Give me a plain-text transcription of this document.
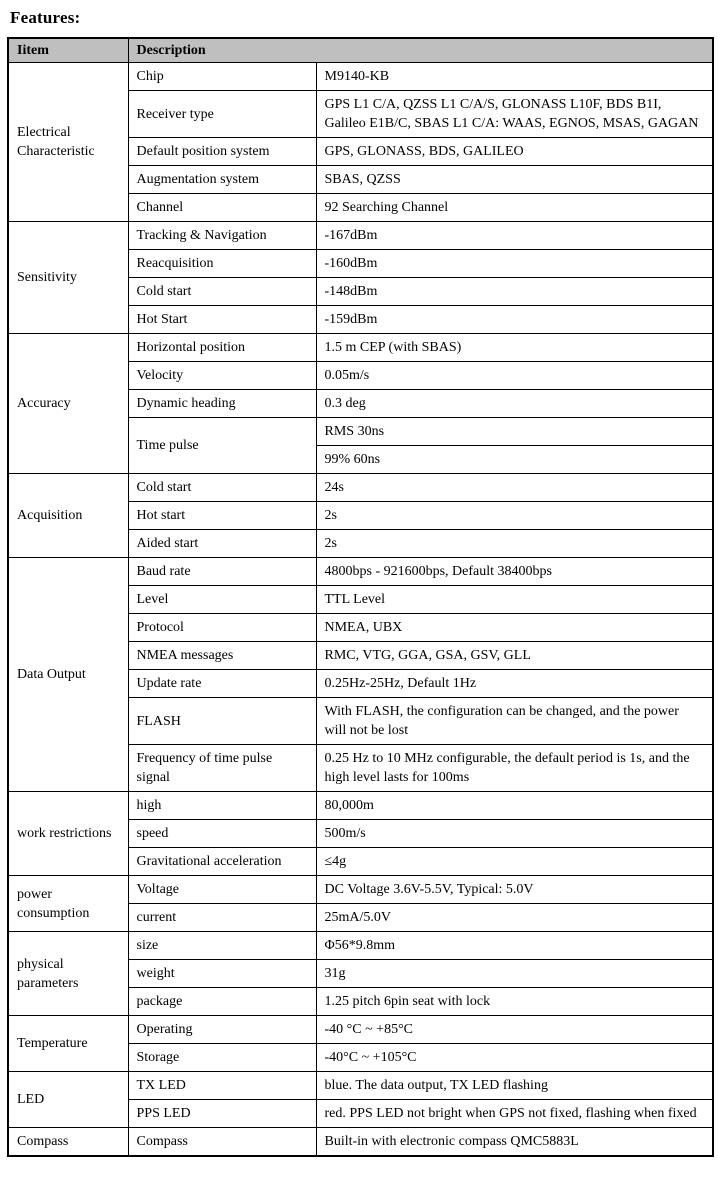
Features:
Iitem	Description	
Electrical Characteristic	Chip	M9140-KB
	Receiver type	GPS L1 C/A, QZSS L1 C/A/S, GLONASS L10F, BDS B1I, Galileo E1B/C, SBAS L1 C/A: WAAS, EGNOS, MSAS, GAGAN
	Default position system	GPS, GLONASS, BDS, GALILEO
	Augmentation system	SBAS, QZSS
	Channel	92 Searching Channel
Sensitivity	Tracking & Navigation	-167dBm
	Reacquisition	-160dBm
	Cold start	-148dBm
	Hot Start	-159dBm
Accuracy	Horizontal position	1.5 m CEP (with SBAS)
	Velocity	0.05m/s
	Dynamic heading	0.3 deg
	Time pulse	RMS 30ns
		99% 60ns
Acquisition	Cold start	24s
	Hot start	2s
	Aided start	2s
Data Output	Baud rate	4800bps - 921600bps, Default 38400bps
	Level	TTL Level
	Protocol	NMEA, UBX
	NMEA messages	RMC, VTG, GGA, GSA, GSV, GLL
	Update rate	0.25Hz-25Hz, Default 1Hz
	FLASH	With FLASH, the configuration can be changed, and the power will not be lost
	Frequency of time pulse signal	0.25 Hz to 10 MHz configurable, the default period is 1s, and the high level lasts for 100ms
work restrictions	high	80,000m
	speed	500m/s
	Gravitational acceleration	≤4g
power consumption	Voltage	DC Voltage 3.6V-5.5V, Typical: 5.0V
	current	25mA/5.0V
physical parameters	size	Φ56*9.8mm
	weight	31g
	package	1.25 pitch 6pin seat with lock
Temperature	Operating	-40 °C ~ +85°C
	Storage	-40°C ~ +105°C
LED	TX LED	blue. The data output, TX LED flashing
	PPS LED	red. PPS LED not bright when GPS not fixed, flashing when fixed
Compass	Compass	Built-in with electronic compass QMC5883L
